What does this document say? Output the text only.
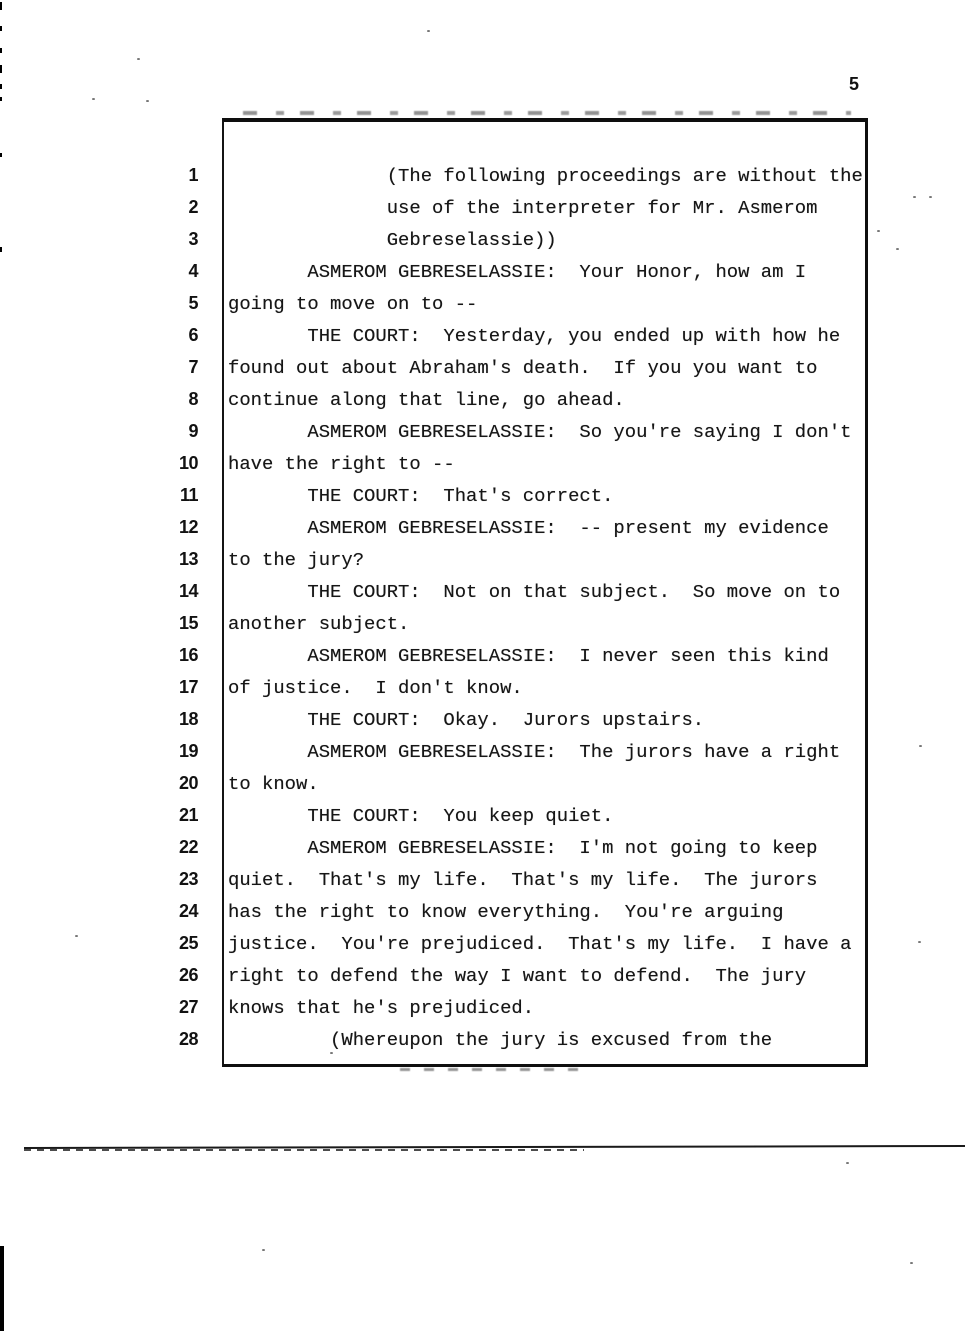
5
1              (The following proceedings are without the
2              use of the interpreter for Mr. Asmerom
3              Gebreselassie))
4       ASMEROM GEBRESELASSIE:  Your Honor, how am I
5 going to move on to --
6       THE COURT:  Yesterday, you ended up with how he
7 found out about Abraham's death.  If you you want to
8 continue along that line, go ahead.
9       ASMEROM GEBRESELASSIE:  So you're saying I don't
10 have the right to --
11       THE COURT:  That's correct.
12       ASMEROM GEBRESELASSIE:  -- present my evidence
13 to the jury?
14       THE COURT:  Not on that subject.  So move on to
15 another subject.
16       ASMEROM GEBRESELASSIE:  I never seen this kind
17 of justice.  I don't know.
18       THE COURT:  Okay.  Jurors upstairs.
19       ASMEROM GEBRESELASSIE:  The jurors have a right
20 to know.
21       THE COURT:  You keep quiet.
22       ASMEROM GEBRESELASSIE:  I'm not going to keep
23 quiet.  That's my life.  That's my life.  The jurors
24 has the right to know everything.  You're arguing
25 justice.  You're prejudiced.  That's my life.  I have a
26 right to defend the way I want to defend.  The jury
27 knows that he's prejudiced.
28         (Whereupon the jury is excused from the
